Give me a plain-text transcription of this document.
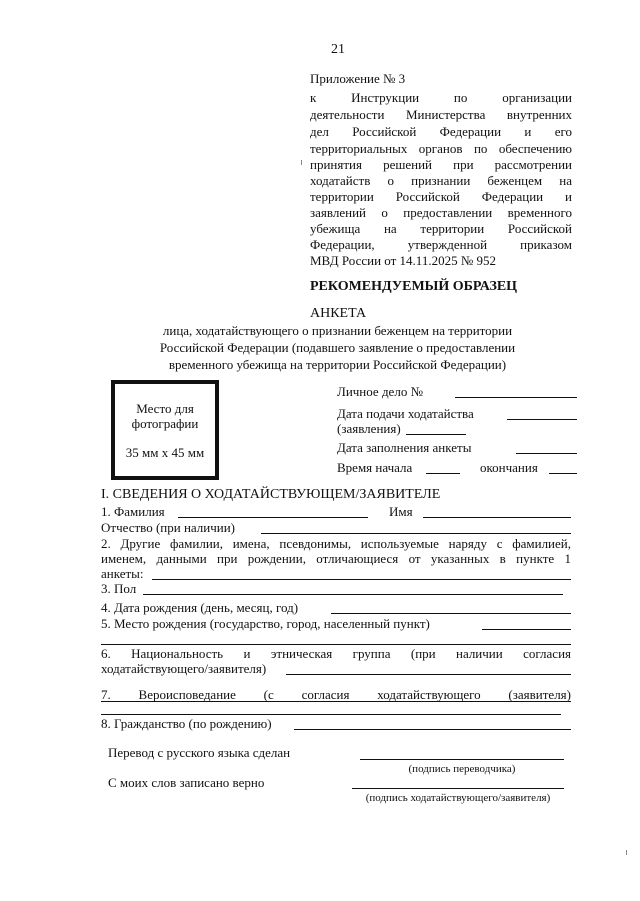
21
Приложение № 3
к Инструкции по организации
деятельности Министерства внутренних
дел Российской Федерации и его
территориальных органов по обеспечению
принятия решений при рассмотрении
ходатайств о признании беженцем на
территории Российской Федерации и
заявлений о предоставлении временного
убежища на территории Российской
Федерации, утвержденной приказом
МВД России от 14.11.2025 № 952
РЕКОМЕНДУЕМЫЙ ОБРАЗЕЦ
АНКЕТА
лица, ходатайствующего о признании беженцем на территории
Российской Федерации (подавшего заявление о предоставлении
временного убежища на территории Российской Федерации)
Место для
фотографии
35 мм х 45 мм
Личное дело №
Дата подачи ходатайства
(заявления)
Дата заполнения анкеты
Время начала	окончания
I. СВЕДЕНИЯ О ХОДАТАЙСТВУЮЩЕМ/ЗАЯВИТЕЛЕ
1. Фамилия	Имя
Отчество (при наличии)
2. Другие фамилии, имена, псевдонимы, используемые наряду с фамилией,
именем, данными при рождении, отличающиеся от указанных в пункте 1
анкеты:
3. Пол
4. Дата рождения (день, месяц, год)
5. Место рождения (государство, город, населенный пункт)
6. Национальность и этническая группа (при наличии согласия
ходатайствующего/заявителя)
7. Вероисповедание (с согласия ходатайствующего (заявителя)
8. Гражданство (по рождению)
Перевод с русского языка сделан
(подпись переводчика)
С моих слов записано верно
(подпись ходатайствующего/заявителя)
